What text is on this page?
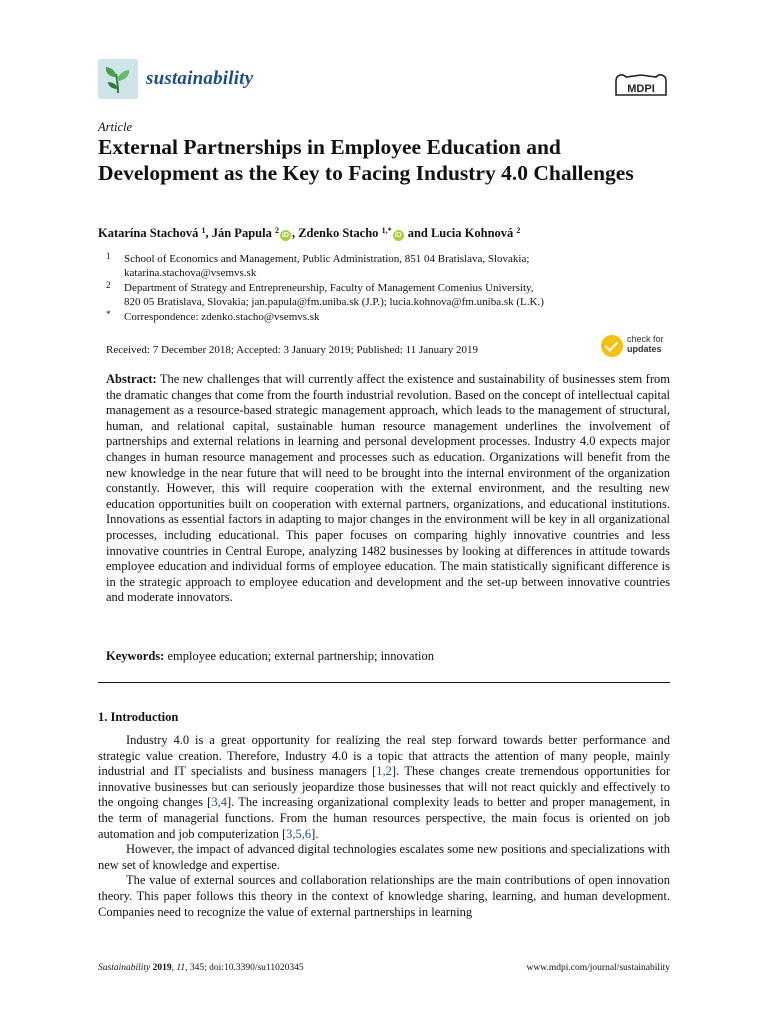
sustainability	MDPI
Article
External Partnerships in Employee Education and Development as the Key to Facing Industry 4.0 Challenges
Katarína Stachová $^1$, Ján Papula $^2$iD , Zdenko Stacho $^{1,*}$iD and Lucia Kohnová $^2$
1 School of Economics and Management, Public Administration, 851 04 Bratislava, Slovakia;
katarina.stachova@vsemvs.sk
2 Department of Strategy and Entrepreneurship, Faculty of Management Comenius University,
820 05 Bratislava, Slovakia; jan.papula@fm.uniba.sk (J.P.); lucia.kohnova@fm.uniba.sk (L.K.)
* Correspondence: zdenko.stacho@vsemvs.sk
Received: 7 December 2018; Accepted: 3 January 2019; Published: 11 January 2019
check for
updates
Abstract: The new challenges that will currently affect the existence and sustainability of businesses stem from the dramatic changes that come from the fourth industrial revolution. Based on the concept of intellectual capital management as a resource-based strategic management approach, which leads to the management of structural, human, and relational capital, sustainable human resource management underlines the involvement of partnerships and external relations in learning and personal development processes. Industry 4.0 expects major changes in human resource management and processes such as education. Organizations will benefit from the new knowledge in the near future that will need to be brought into the internal environment of the organization constantly. However, this will require cooperation with the external environment, and the resulting new education opportunities built on cooperation with external partners, organizations, and educational institutions. Innovations as essential factors in adapting to major changes in the environment will be key in all organizational processes, including educational. This paper focuses on comparing highly innovative countries and less innovative countries in Central Europe, analyzing 1482 businesses by looking at differences in attitude towards employee education and individual forms of employee education. The main statistically significant difference is in the strategic approach to employee education and development and the set-up between innovative countries and moderate innovators.
Keywords: employee education; external partnership; innovation
1. Introduction

Industry 4.0 is a great opportunity for realizing the real step forward towards better performance and strategic value creation. Therefore, Industry 4.0 is a topic that attracts the attention of many people, mainly industrial and IT specialists and business managers [1,2]. These changes create tremendous opportunities for innovative businesses but can seriously jeopardize those businesses that will not react quickly and effectively to the ongoing changes [3,4]. The increasing organizational complexity leads to better and proper management, in the term of managerial functions. From the human resources perspective, the main focus is oriented on job automation and job computerization [3,5,6].

However, the impact of advanced digital technologies escalates some new positions and specializations with new set of knowledge and expertise.

The value of external sources and collaboration relationships are the main contributions of open innovation theory. This paper follows this theory in the context of knowledge sharing, learning, and human development. Companies need to recognize the value of external partnerships in learning

Sustainability 2019, 11, 345; doi:10.3390/su11020345	www.mdpi.com/journal/sustainability
